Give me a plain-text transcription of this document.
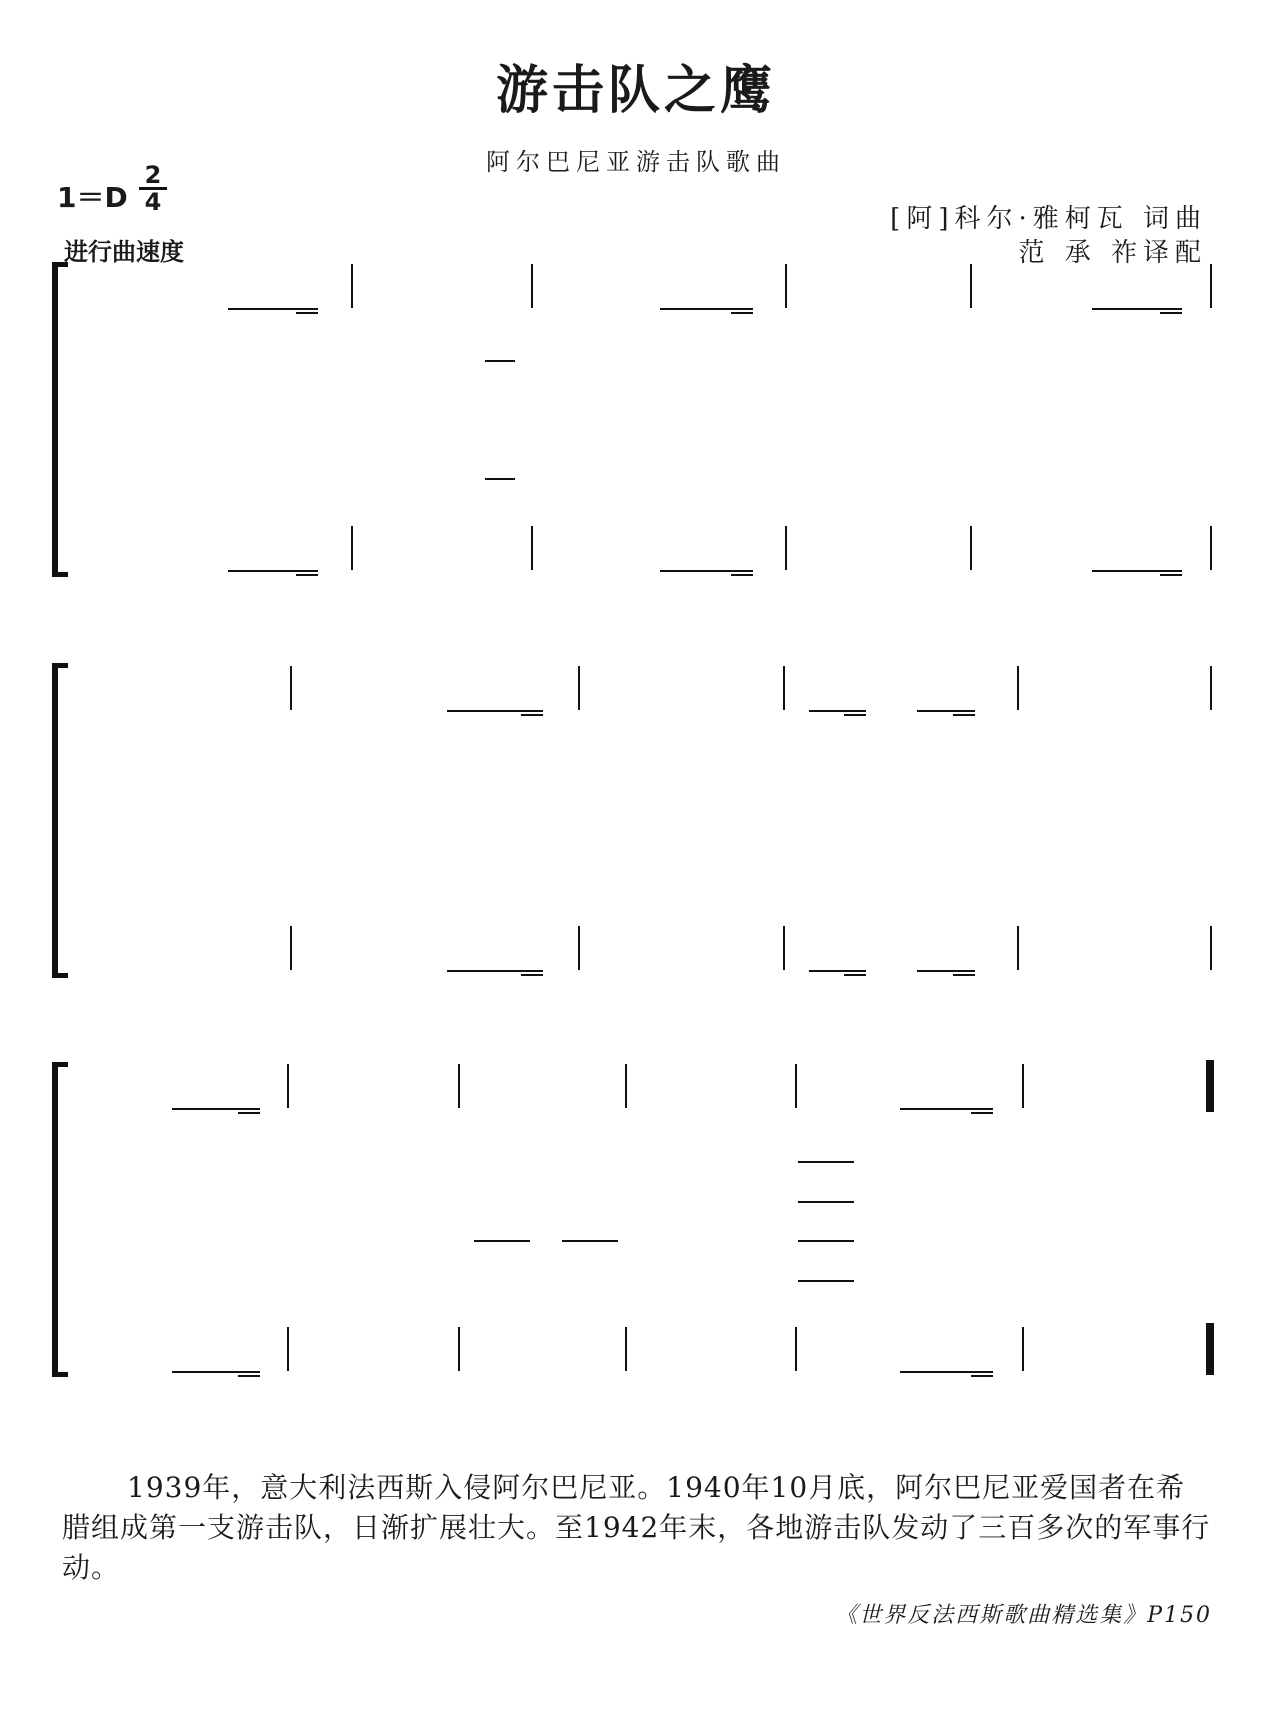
游击队之鹰
阿尔巴尼亚游击队歌曲
$1=D \frac{2}{4}$
进行曲速度
[阿]科尔·雅柯瓦 词曲
范 承 祚译配
1939年，意大利法西斯入侵阿尔巴尼亚。1940年10月底，阿尔巴尼亚爱国者在希腊组成第一支游击队，日渐扩展壮大。至1942年末，各地游击队发动了三百多次的军事行动。
《世界反法西斯歌曲精选集》P150
